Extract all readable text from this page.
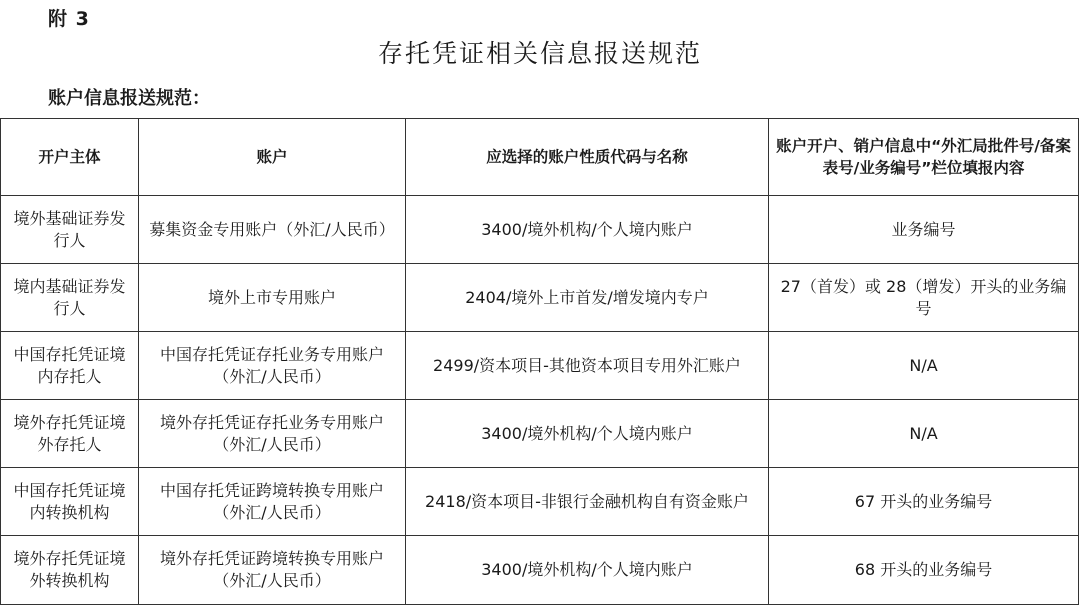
附 3
存托凭证相关信息报送规范
账户信息报送规范：
开户主体	账户	应选择的账户性质代码与名称	账户开户、销户信息中“外汇局批件号/备案表号/业务编号”栏位填报内容
境外基础证券发行人	募集资金专用账户（外汇/人民币）	3400/境外机构/个人境内账户	业务编号
境内基础证券发行人	境外上市专用账户	2404/境外上市首发/增发境内专户	27（首发）或 28（增发）开头的业务编号
中国存托凭证境内存托人	中国存托凭证存托业务专用账户（外汇/人民币）	2499/资本项目-其他资本项目专用外汇账户	N/A
境外存托凭证境外存托人	境外存托凭证存托业务专用账户（外汇/人民币）	3400/境外机构/个人境内账户	N/A
中国存托凭证境内转换机构	中国存托凭证跨境转换专用账户（外汇/人民币）	2418/资本项目-非银行金融机构自有资金账户	67 开头的业务编号
境外存托凭证境外转换机构	境外存托凭证跨境转换专用账户（外汇/人民币）	3400/境外机构/个人境内账户	68 开头的业务编号
